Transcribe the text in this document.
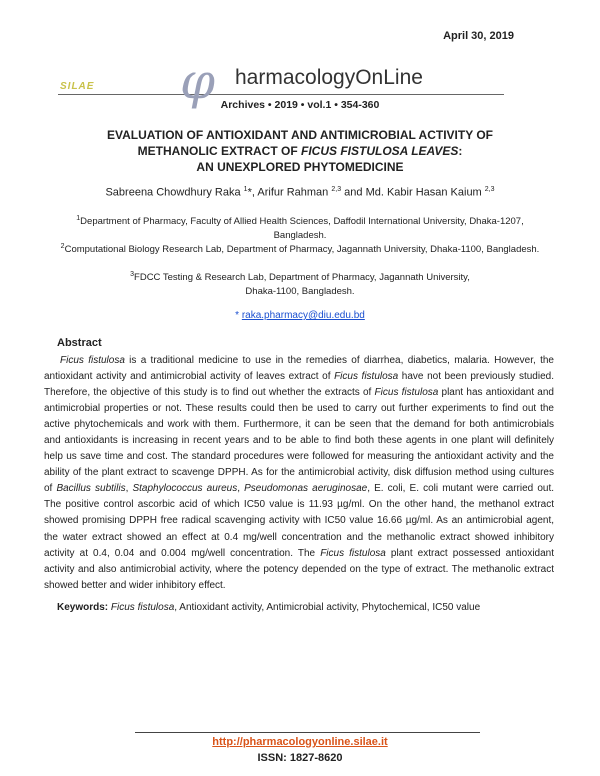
April 30, 2019
SILAE φ harmacologyOnLine
Archives • 2019 • vol.1 • 354-360
EVALUATION OF ANTIOXIDANT AND ANTIMICROBIAL ACTIVITY OF
METHANOLIC EXTRACT OF FICUS FISTULOSA LEAVES:
AN UNEXPLORED PHYTOMEDICINE
Sabreena Chowdhury Raka $^1$*, Arifur Rahman $^{2,3}$ and Md. Kabir Hasan Kaium $^{2,3}$
$^1$Department of Pharmacy, Faculty of Allied Health Sciences, Daffodil International University, Dhaka-1207, Bangladesh.
$^2$Computational Biology Research Lab, Department of Pharmacy, Jagannath University, Dhaka-1100, Bangladesh.
$^3$FDCC Testing & Research Lab, Department of Pharmacy, Jagannath University, Dhaka-1100, Bangladesh.
* raka.pharmacy@diu.edu.bd
Abstract
Ficus fistulosa is a traditional medicine to use in the remedies of diarrhea, diabetics, malaria. However, the antioxidant activity and antimicrobial activity of leaves extract of Ficus fistulosa have not been previously studied. Therefore, the objective of this study is to find out whether the extracts of Ficus fistulosa plant has antioxidant and antimicrobial properties or not. These results could then be used to carry out further experiments to find out the active phytochemicals and work with them. Furthermore, it can be seen that the demand for both antimicrobials and antioxidants is increasing in recent years and to be able to find both these agents in one plant will definitely help us save time and cost. The standard procedures were followed for measuring the antioxidant activity and the ability of the plant extract to scavenge DPPH. As for the antimicrobial activity, disk diffusion method using cultures of Bacillus subtilis, Staphylococcus aureus, Pseudomonas aeruginosae, E. coli, E. coli mutant were carried out. The positive control ascorbic acid of which IC50 value is 11.93 µg/ml. On the other hand, the methanol extract showed promising DPPH free radical scavenging activity with IC50 value 16.66 µg/ml. As an antimicrobial agent, the water extract showed an effect at 0.4 mg/well concentration and the methanolic extract showed inhibitory activity at 0.4, 0.04 and 0.004 mg/well concentration. The Ficus fistulosa plant extract possessed antioxidant activity and also antimicrobial activity, where the potency depended on the type of extract. The methanolic extract showed better and wider inhibitory effect.
Keywords: Ficus fistulosa, Antioxidant activity, Antimicrobial activity, Phytochemical, IC50 value
http://pharmacologyonline.silae.it
ISSN: 1827-8620
